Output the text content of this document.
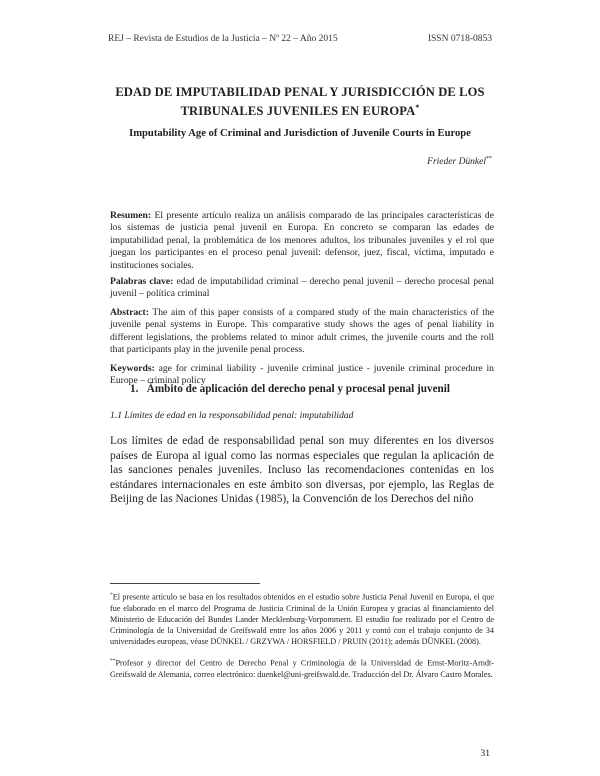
REJ – Revista de Estudios de la Justicia – Nº 22 – Año 2015	ISSN 0718-0853
EDAD DE IMPUTABILIDAD PENAL Y JURISDICCIÓN DE LOS
TRIBUNALES JUVENILES EN EUROPA*
Imputability Age of Criminal and Jurisdiction of Juvenile Courts in Europe
Frieder Dünkel**
Resumen: El presente artículo realiza un análisis comparado de las principales características de los sistemas de justicia penal juvenil en Europa. En concreto se comparan las edades de imputabilidad penal, la problemática de los menores adultos, los tribunales juveniles y el rol que juegan los participantes en el proceso penal juvenil: defensor, juez, fiscal, víctima, imputado e instituciones sociales.
Palabras clave: edad de imputabilidad criminal – derecho penal juvenil – derecho procesal penal juvenil – política criminal
Abstract: The aim of this paper consists of a compared study of the main characteristics of the juvenile penal systems in Europe. This comparative study shows the ages of penal liability in different legislations, the problems related to minor adult crimes, the juvenile courts and the roll that participants play in the juvenile penal process.
Keywords: age for criminal liability - juvenile criminal justice - juvenile criminal procedure in Europe – criminal policy
1. Ámbito de aplicación del derecho penal y procesal penal juvenil
1.1 Límites de edad en la responsabilidad penal: imputabilidad
Los límites de edad de responsabilidad penal son muy diferentes en los diversos países de Europa al igual como las normas especiales que regulan la aplicación de las sanciones penales juveniles. Incluso las recomendaciones contenidas en los estándares internacionales en este ámbito son diversas, por ejemplo, las Reglas de Beijing de las Naciones Unidas (1985), la Convención de los Derechos del niño
*El presente artículo se basa en los resultados obtenidos en el estudio sobre Justicia Penal Juvenil en Europa, el que fue elaborado en el marco del Programa de Justicia Criminal de la Unión Europea y gracias al financiamiento del Ministerio de Educación del Bundes Lander Mecklenburg-Vorpommern. El estudio fue realizado por el Centro de Criminología de la Universidad de Greifswald entre los años 2006 y 2011 y contó con el trabajo conjunto de 34 universidades europeas, véase DÜNKEL / GRZYWA / HORSFIELD / PRUIN (2011); además DÜNKEL (2008).
**Profesor y director del Centro de Derecho Penal y Criminología de la Universidad de Ernst-Moritz-Arndt-Greifswald de Alemania, correo electrónico: duenkel@uni-greifswald.de. Traducción del Dr. Álvaro Castro Morales.
31
